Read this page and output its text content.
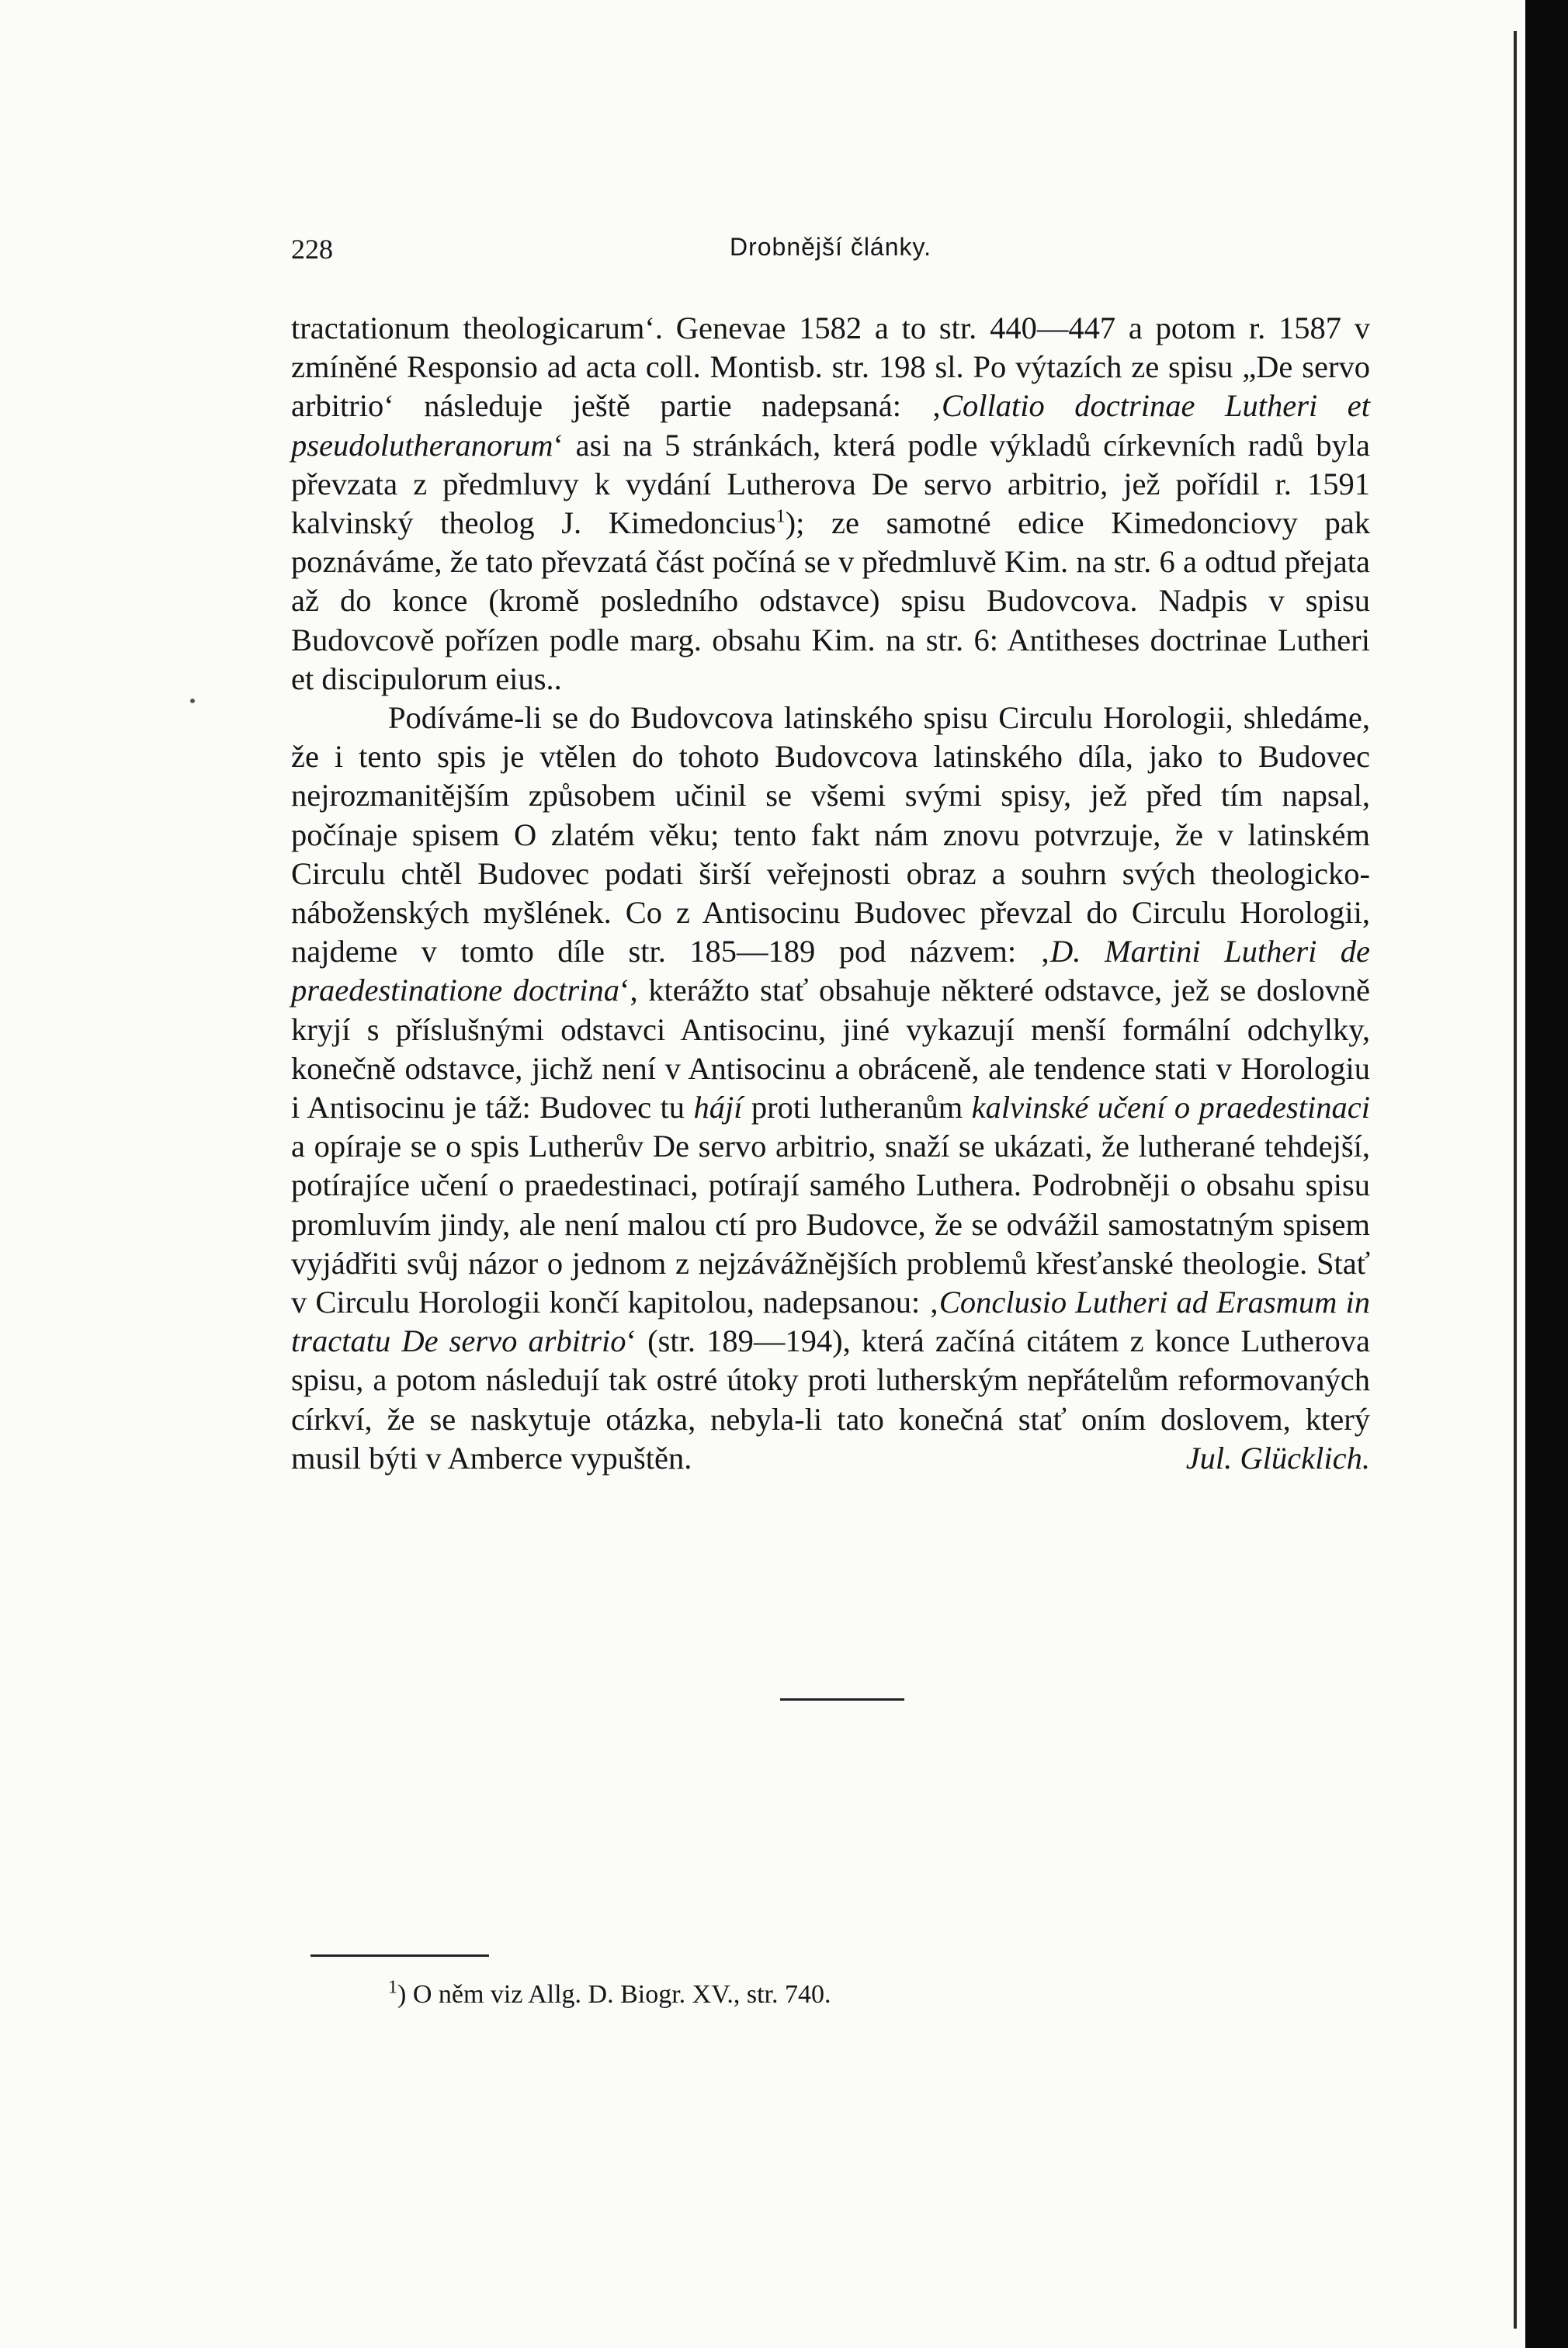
228	Drobnější články.

tractationum theologicarum‘. Genevae 1582 a to str. 440—447 a potom r. 1587 v zmíněné Responsio ad acta coll. Montisb. str. 198 sl. Po výtazích ze spisu „De servo arbitrio‘ následuje ještě partie nadepsaná: ‚Collatio doctrinae Lutheri et pseudolutheranorum‘ asi na 5 stránkách, která podle výkladů církevních radů byla převzata z předmluvy k vydání Lutherova De servo arbitrio, jež pořídil r. 1591 kalvinský theolog J. Kimedoncius$^1$); ze samotné edice Kimedonciovy pak poznáváme, že tato převzatá část počíná se v předmluvě Kim. na str. 6 a odtud přejata až do konce (kromě posledního odstavce) spisu Budovcova. Nadpis v spisu Budovcově pořízen podle marg. obsahu Kim. na str. 6: Antitheses doctrinae Lutheri et discipulorum eius..

Podíváme-li se do Budovcova latinského spisu Circulu Horologii, shledáme, že i tento spis je vtělen do tohoto Budovcova latinského díla, jako to Budovec nejrozmanitějším způsobem učinil se všemi svými spisy, jež před tím napsal, počínaje spisem O zlatém věku; tento fakt nám znovu potvrzuje, že v latinském Circulu chtěl Budovec podati širší veřejnosti obraz a souhrn svých theologicko-náboženských myšlének. Co z Antisocinu Budovec převzal do Circulu Horologii, najdeme v tomto díle str. 185—189 pod názvem: ‚D. Martini Lutheri de praedestinatione doctrina‘, kterážto stať obsahuje některé odstavce, jež se doslovně kryjí s příslušnými odstavci Antisocinu, jiné vykazují menší formální odchylky, konečně odstavce, jichž není v Antisocinu a obráceně, ale tendence stati v Horologiu i Antisocinu je táž: Budovec tu hájí proti lutheranům kalvinské učení o praedestinaci a opíraje se o spis Lutherův De servo arbitrio, snaží se ukázati, že lutherané tehdejší, potírajíce učení o praedestinaci, potírají samého Luthera. Podrobněji o obsahu spisu promluvím jindy, ale není malou ctí pro Budovce, že se odvážil samostatným spisem vyjádřiti svůj názor o jednom z nejzávážnějších problemů křesťanské theologie. Stať v Circulu Horologii končí kapitolou, nadepsanou: ‚Conclusio Lutheri ad Erasmum in tractatu De servo arbitrio‘ (str. 189—194), která začíná citátem z konce Lutherova spisu, a potom následují tak ostré útoky proti lutherským nepřátelům reformovaných církví, že se naskytuje otázka, nebyla-li tato konečná stať oním doslovem, který musil býti v Amberce vypuštěn.	Jul. Glücklich.

$^1$) O něm viz Allg. D. Biogr. XV., str. 740.
